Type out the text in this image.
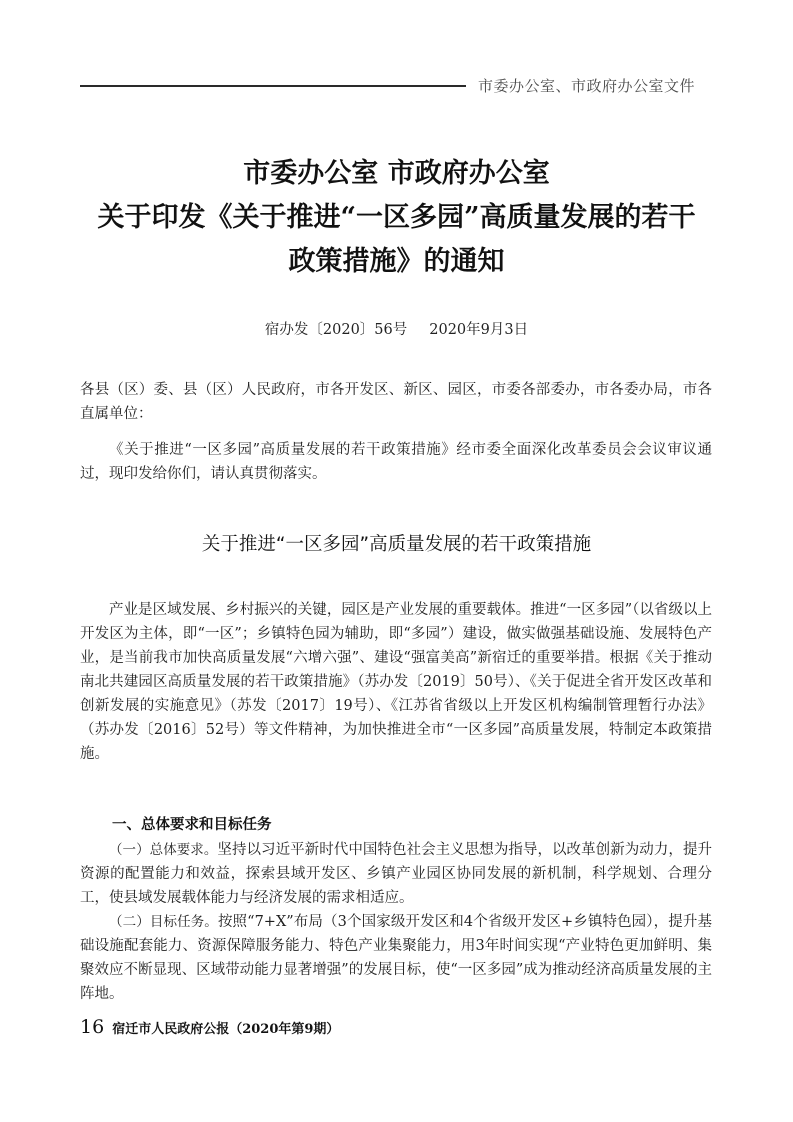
市委办公室、市政府办公室文件
市委办公室 市政府办公室
关于印发《关于推进“一区多园”高质量发展的若干
政策措施》的通知
宿办发〔2020〕56号 2020年9月3日

各县（区）委、县（区）人民政府，市各开发区、新区、园区，市委各部委办，市各委办局，市各直属单位：

《关于推进“一区多园”高质量发展的若干政策措施》经市委全面深化改革委员会会议审议通过，现印发给你们，请认真贯彻落实。

关于推进“一区多园”高质量发展的若干政策措施

产业是区域发展、乡村振兴的关键，园区是产业发展的重要载体。推进“一区多园”（以省级以上开发区为主体，即“一区”；乡镇特色园为辅助，即“多园”）建设，做实做强基础设施、发展特色产业，是当前我市加快高质量发展“六增六强”、建设“强富美高”新宿迁的重要举措。根据《关于推动南北共建园区高质量发展的若干政策措施》（苏办发〔2019〕50号）、《关于促进全省开发区改革和创新发展的实施意见》（苏发〔2017〕19号）、《江苏省省级以上开发区机构编制管理暂行办法》（苏办发〔2016〕52号）等文件精神，为加快推进全市“一区多园”高质量发展，特制定本政策措施。

一、总体要求和目标任务

（一）总体要求。坚持以习近平新时代中国特色社会主义思想为指导，以改革创新为动力，提升资源的配置能力和效益，探索县域开发区、乡镇产业园区协同发展的新机制，科学规划、合理分工，使县域发展载体能力与经济发展的需求相适应。

（二）目标任务。按照“7+X”布局（3个国家级开发区和4个省级开发区+乡镇特色园），提升基础设施配套能力、资源保障服务能力、特色产业集聚能力，用3年时间实现“产业特色更加鲜明、集聚效应不断显现、区域带动能力显著增强”的发展目标，使“一区多园”成为推动经济高质量发展的主阵地。

16 宿迁市人民政府公报（2020年第9期）
